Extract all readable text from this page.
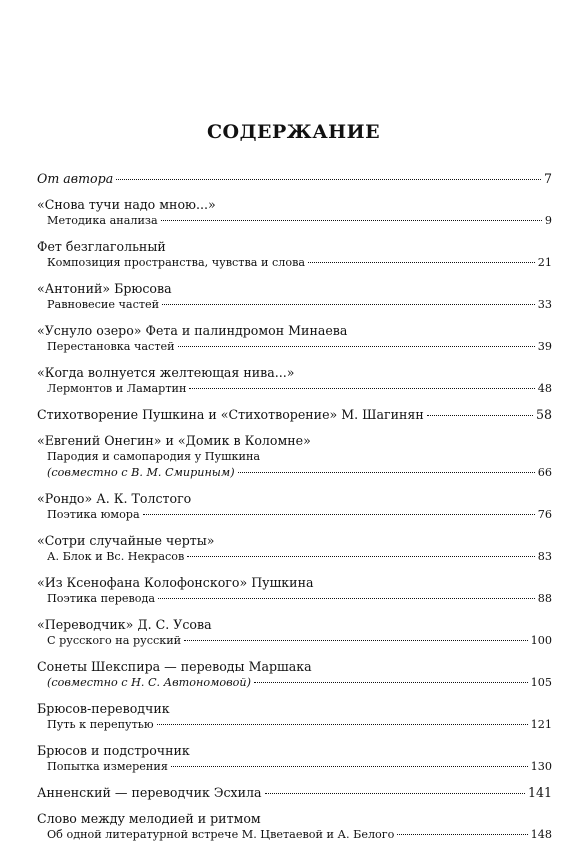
СОДЕРЖАНИЕ
От автора	7
«Снова тучи надо мною...»
Методика анализа	9
Фет безглагольный
Композиция пространства, чувства и слова	21
«Антоний» Брюсова
Равновесие частей	33
«Уснуло озеро» Фета и палиндромон Минаева
Перестановка частей	39
«Когда волнуется желтеющая нива...»
Лермонтов и Ламартин	48
Стихотворение Пушкина и «Стихотворение» М. Шагинян	58
«Евгений Онегин» и «Домик в Коломне»
Пародия и самопародия у Пушкина
(совместно с В. М. Смириным)	66
«Рондо» А. К. Толстого
Поэтика юмора	76
«Сотри случайные черты»
А. Блок и Вс. Некрасов	83
«Из Ксенофана Колофонского» Пушкина
Поэтика перевода	88
«Переводчик» Д. С. Усова
С русского на русский	100
Сонеты Шекспира — переводы Маршака
(совместно с Н. С. Автономовой)	105
Брюсов-переводчик
Путь к перепутью	121
Брюсов и подстрочник
Попытка измерения	130
Анненский — переводчик Эсхила	141
Слово между мелодией и ритмом
Об одной литературной встрече М. Цветаевой и А. Белого	148
